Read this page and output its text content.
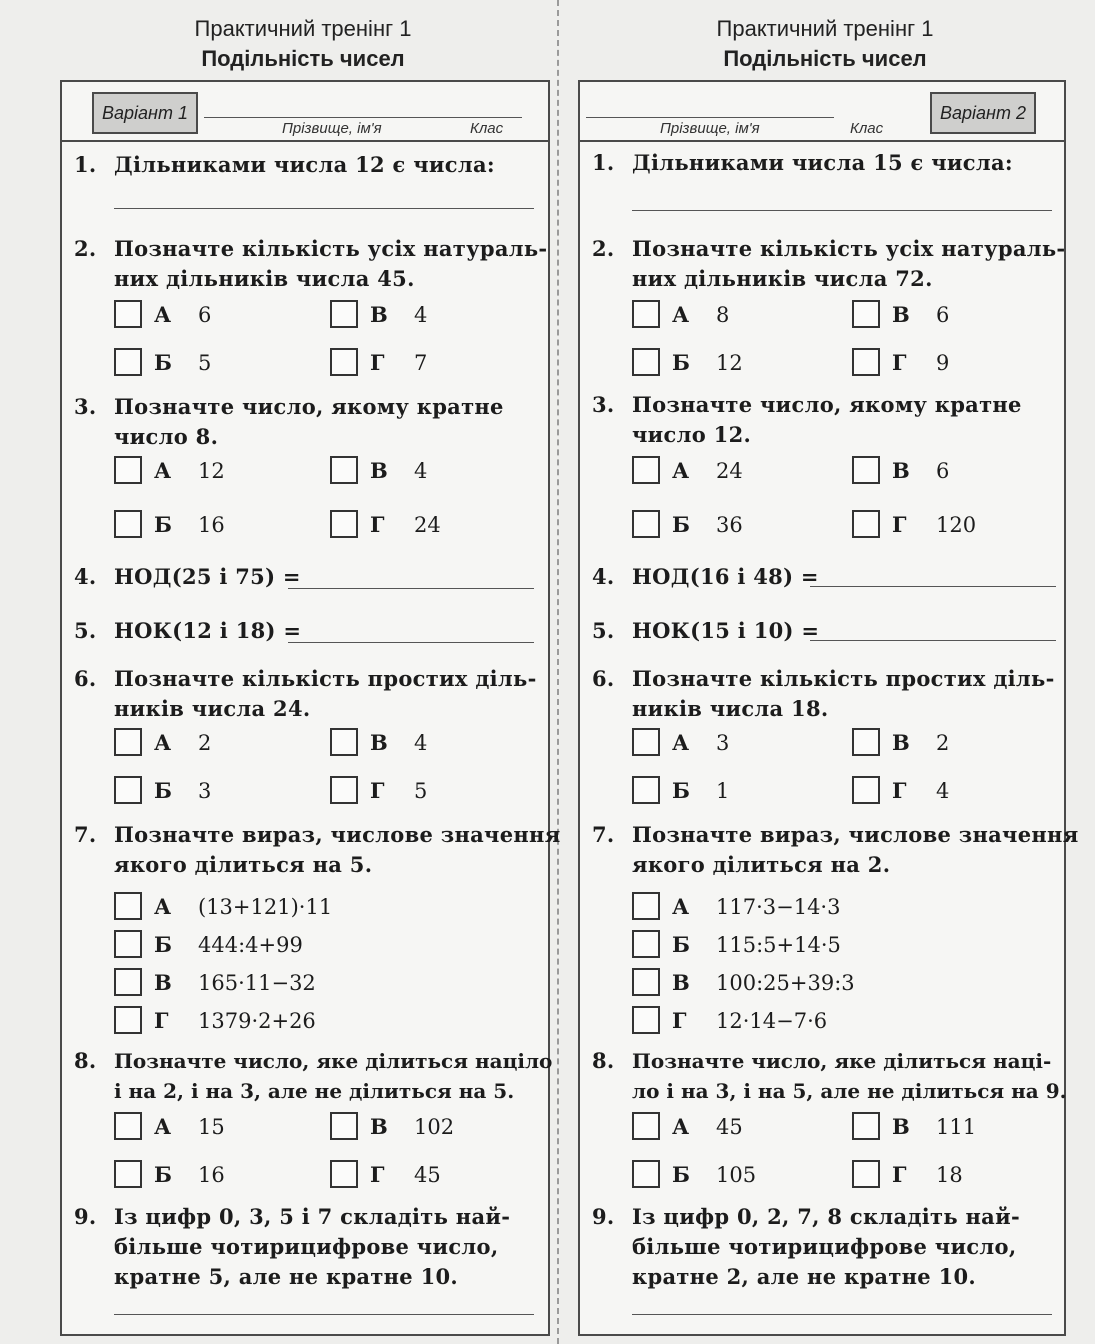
Практичний тренінг 1
Подільність чисел
Практичний тренінг 1
Подільність чисел
Варіант 1
Прізвище, ім'я	Клас
1. Дільниками числа 12 є числа:
2. Позначте кількість усіх натураль-
них дільників числа 45.
А 6	В 4
Б 5	Г 7
3. Позначте число, якому кратне
число 8.
А 12	В 4
Б 16	Г 24
4. НОД(25 і 75) =
5. НОК(12 і 18) =
6. Позначте кількість простих діль-
ників числа 24.
А 2	В 4
Б 3	Г 5
7. Позначте вираз, числове значення
якого ділиться на 5.
А (13+121)·11
Б 444:4+99
В 165·11−32
Г 1379·2+26
8. Позначте число, яке ділиться націло
і на 2, і на 3, але не ділиться на 5.
А 15	В 102
Б 16	Г 45
9. Із цифр 0, 3, 5 і 7 складіть най-
більше чотирицифрове число,
кратне 5, але не кратне 10.
Варіант 2
Прізвище, ім'я	Клас
1. Дільниками числа 15 є числа:
2. Позначте кількість усіх натураль-
них дільників числа 72.
А 8	В 6
Б 12	Г 9
3. Позначте число, якому кратне
число 12.
А 24	В 6
Б 36	Г 120
4. НОД(16 і 48) =
5. НОК(15 і 10) =
6. Позначте кількість простих діль-
ників числа 18.
А 3	В 2
Б 1	Г 4
7. Позначте вираз, числове значення
якого ділиться на 2.
А 117·3−14·3
Б 115:5+14·5
В 100:25+39:3
Г 12·14−7·6
8. Позначте число, яке ділиться наці-
ло і на 3, і на 5, але не ділиться на 9.
А 45	В 111
Б 105	Г 18
9. Із цифр 0, 2, 7, 8 складіть най-
більше чотирицифрове число,
кратне 2, але не кратне 10.
